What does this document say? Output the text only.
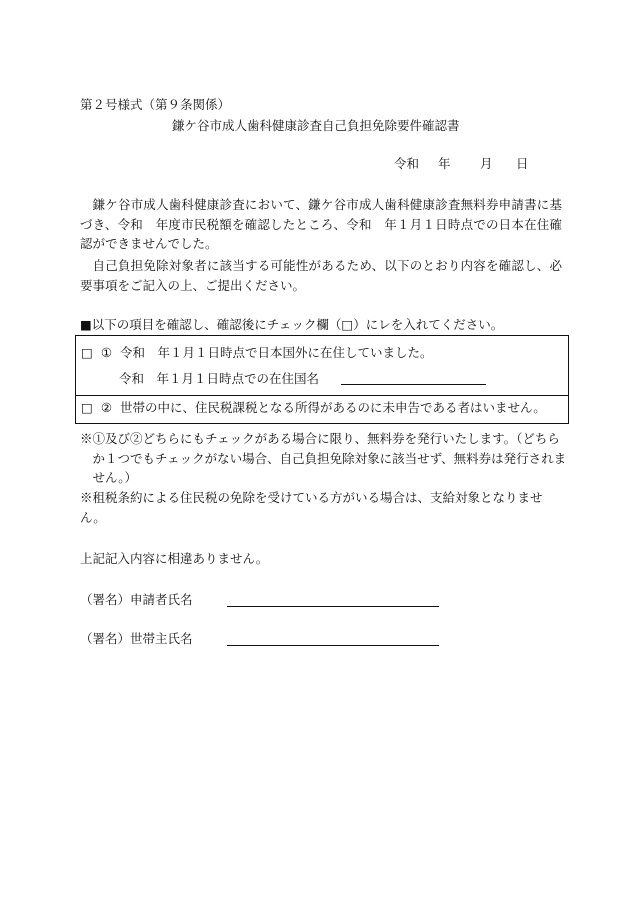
第２号様式（第９条関係）
鎌ケ谷市成人歯科健康診査自己負担免除要件確認書
令和 年 月 日
鎌ケ谷市成人歯科健康診査において、鎌ケ谷市成人歯科健康診査無料券申請書に基づき、令和　年度市民税額を確認したところ、令和　年１月１日時点での日本在住確認ができませんでした。
自己負担免除対象者に該当する可能性があるため、以下のとおり内容を確認し、必要事項をご記入の上、ご提出ください。
■以下の項目を確認し、確認後にチェック欄（□）にレを入れてください。
□ ① 令和　年１月１日時点で日本国外に在住していました。
令和　年１月１日時点での在住国名
□ ② 世帯の中に、住民税課税となる所得があるのに未申告である者はいません。
※①及び②どちらにもチェックがある場合に限り、無料券を発行いたします。（どちらか１つでもチェックがない場合、自己負担免除対象に該当せず、無料券は発行されません。）
※租税条約による住民税の免除を受けている方がいる場合は、支給対象となりません。
上記記入内容に相違ありません。
（署名）申請者氏名
（署名）世帯主氏名
